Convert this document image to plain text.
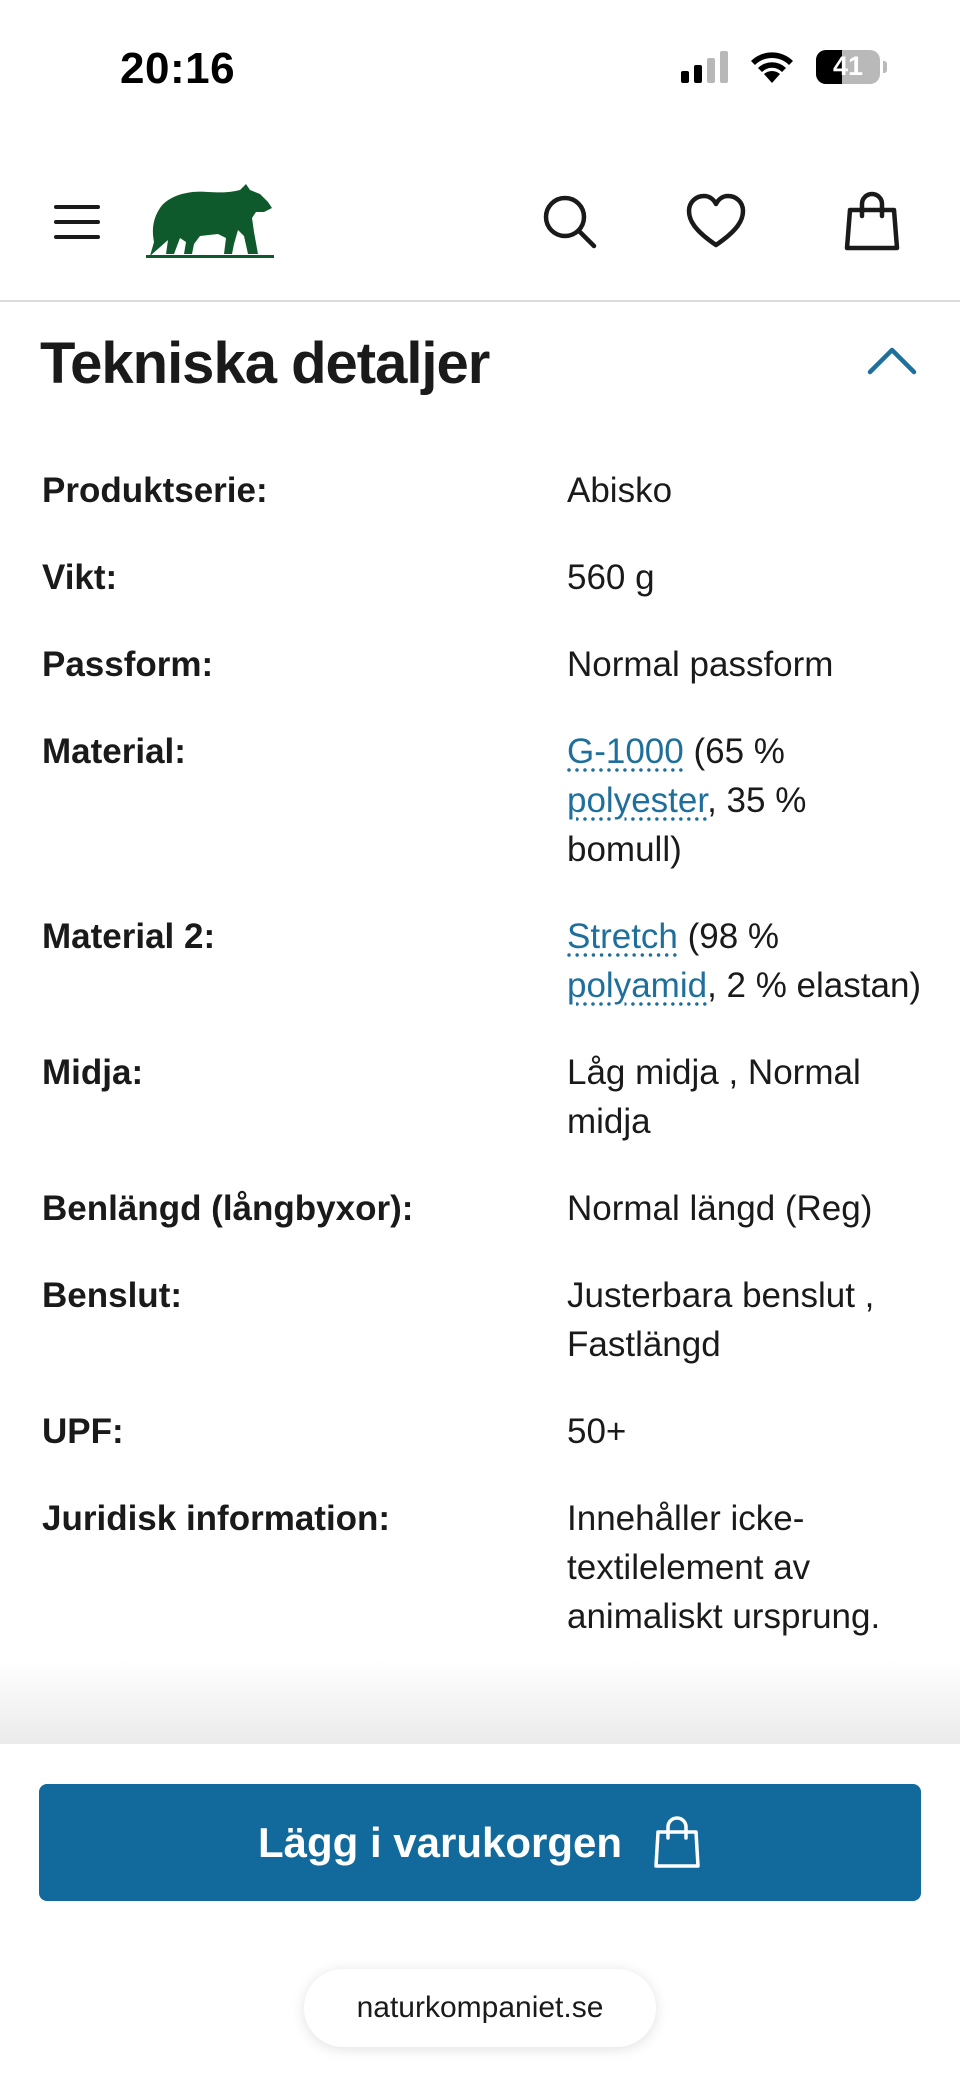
20:16	41
Tekniska detaljer
Produktserie:	Abisko
Vikt:	560 g
Passform:	Normal passform
Material:	G-1000 (65 % polyester, 35 % bomull)
Material 2:	Stretch (98 % polyamid, 2 % elastan)
Midja:	Låg midja , Normal midja
Benlängd (långbyxor):	Normal längd (Reg)
Benslut:	Justerbara benslut , Fastlängd
UPF:	50+
Juridisk information:	Innehåller icke-textilelement av animaliskt ursprung.
Lägg i varukorgen
naturkompaniet.se
